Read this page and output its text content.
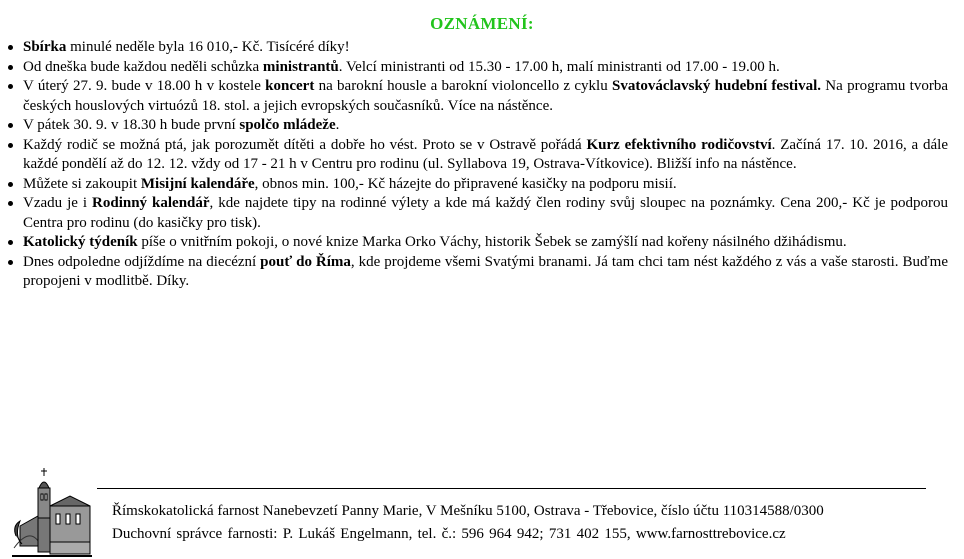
OZNÁMENÍ:
Sbírka minulé neděle byla 16 010,- Kč. Tisícéré díky!
Od dneška bude každou neděli schůzka ministrantů. Velcí ministranti od 15.30 - 17.00 h, malí ministranti od 17.00 - 19.00 h.
V úterý 27. 9. bude v 18.00 h v kostele koncert na barokní housle a barokní violoncello z cyklu Svatováclavský hudební festival. Na programu tvorba českých houslových virtuózů 18. stol. a jejich evropských současníků. Více na nástěnce.
V pátek 30. 9. v 18.30 h bude první spolčo mládeže.
Každý rodič se možná ptá, jak porozumět dítěti a dobře ho vést. Proto se v Ostravě pořádá Kurz efektivního rodičovství. Začíná 17. 10. 2016, a dále každé pondělí až do 12. 12. vždy od 17 - 21 h v Centru pro rodinu (ul. Syllabova 19, Ostrava-Vítkovice). Bližší info na nástěnce.
Můžete si zakoupit Misijní kalendáře, obnos min. 100,- Kč házejte do připravené kasičky na podporu misií.
Vzadu je i Rodinný kalendář, kde najdete tipy na rodinné výlety a kde má každý člen rodiny svůj sloupec na poznámky. Cena 200,- Kč je podporou Centra pro rodinu (do kasičky pro tisk).
Katolický týdeník píše o vnitřním pokoji, o nové knize Marka Orko Váchy, historik Šebek se zamýšlí nad kořeny násilného džihádismu.
Dnes odpoledne odjíždíme na diecézní pouť do Říma, kde projdeme všemi Svatými branami. Já tam chci tam nést každého z vás a vaše starosti. Buďme propojeni v modlitbě. Díky.
Římskokatolická farnost Nanebevzetí Panny Marie, V Mešníku 5100, Ostrava - Třebovice, číslo účtu 110314588/0300
Duchovní správce farnosti: P. Lukáš Engelmann, tel. č.: 596 964 942; 731 402 155, www.farnosttrebovice.cz
